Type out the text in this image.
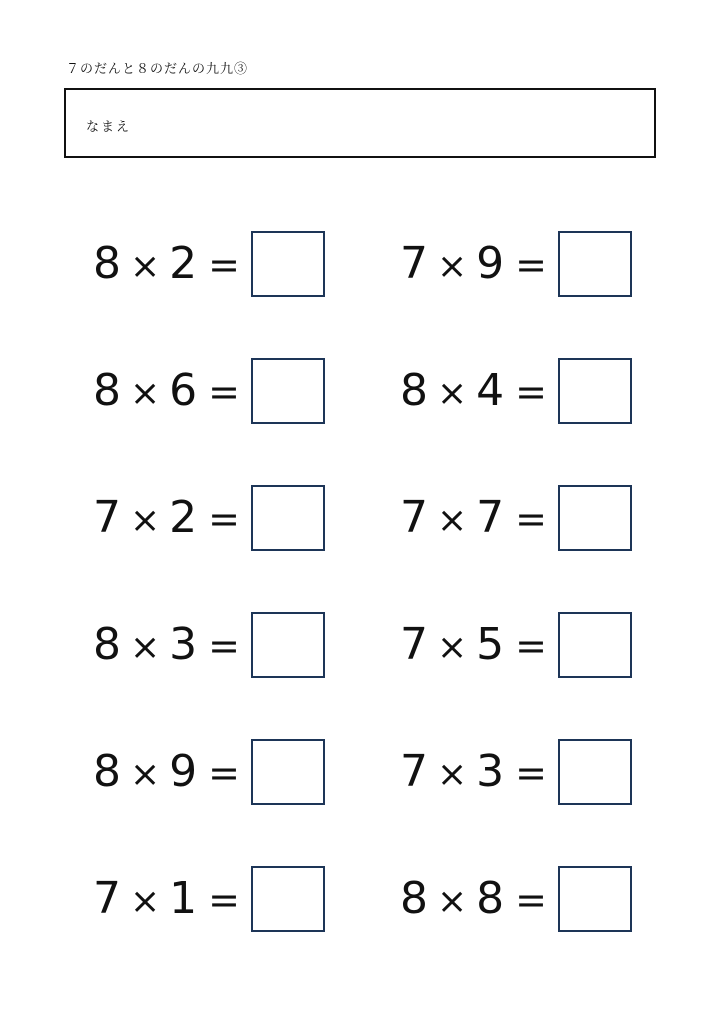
７のだんと８のだんの九九③
なまえ
8 × 2 =	7 × 9 =
8 × 6 =	8 × 4 =
7 × 2 =	7 × 7 =
8 × 3 =	7 × 5 =
8 × 9 =	7 × 3 =
7 × 1 =	8 × 8 =
